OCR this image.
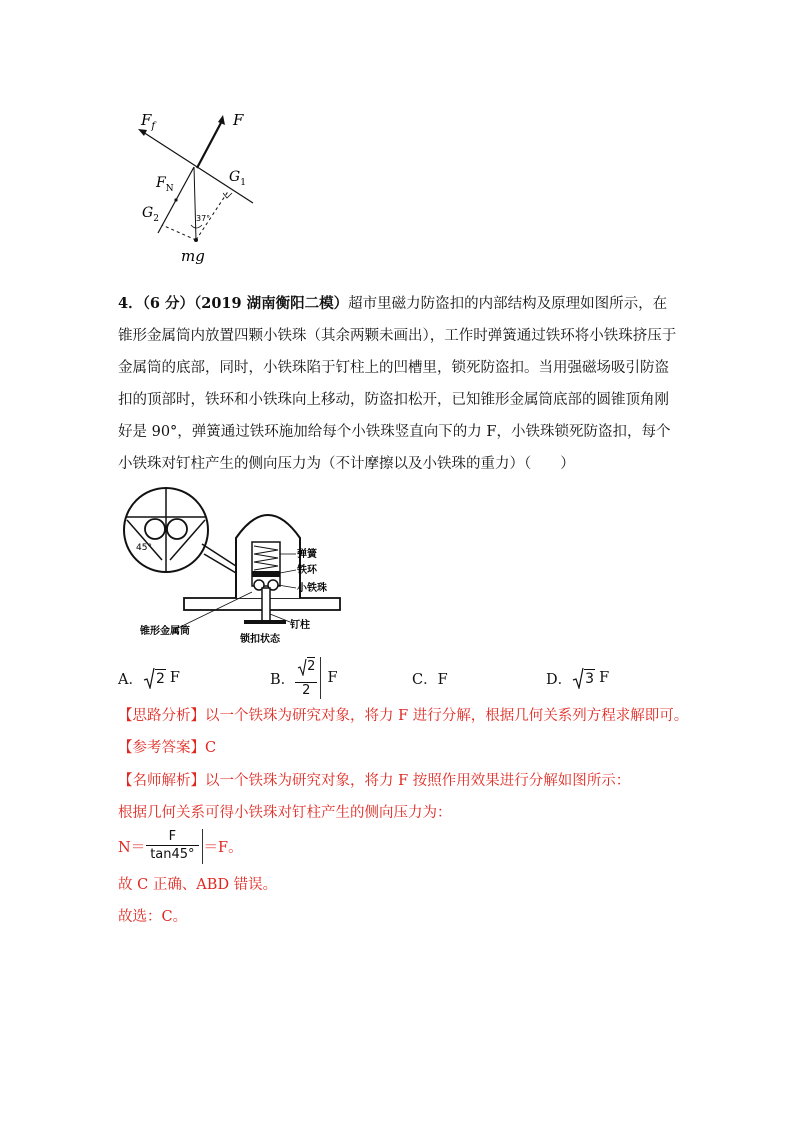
$F_f$	F
$F_N$
$G_1$
$G_2$	37°
mg
4．（6 分）（2019 湖南衡阳二模）超市里磁力防盗扣的内部结构及原理如图所示，在锥形金属筒内放置四颗小铁珠（其余两颗未画出），工作时弹簧通过铁环将小铁珠挤压于金属筒的底部，同时，小铁珠陷于钉柱上的凹槽里，锁死防盗扣。当用强磁场吸引防盗扣的顶部时，铁环和小铁珠向上移动，防盗扣松开，已知锥形金属筒底部的圆锥顶角刚好是 90°，弹簧通过铁环施加给每个小铁珠竖直向下的力 F，小铁珠锁死防盗扣，每个小铁珠对钉柱产生的侧向压力为（不计摩擦以及小铁珠的重力）（　　）
45°
弹簧
铁环
小铁珠
锥形金属筒
钉柱
锁扣状态
A． 2 F	B． $\frac{2}{2}$ F	C．F	D． 3 F
【思路分析】以一个铁珠为研究对象，将力 F 进行分解，根据几何关系列方程求解即可。
【参考答案】C
【名师解析】以一个铁珠为研究对象，将力 F 按照作用效果进行分解如图所示：
根据几何关系可得小铁珠对钉柱产生的侧向压力为：
$N= \frac{F}{\tan 45^\circ} =F$。
故 C 正确、ABD 错误。
故选：C。
